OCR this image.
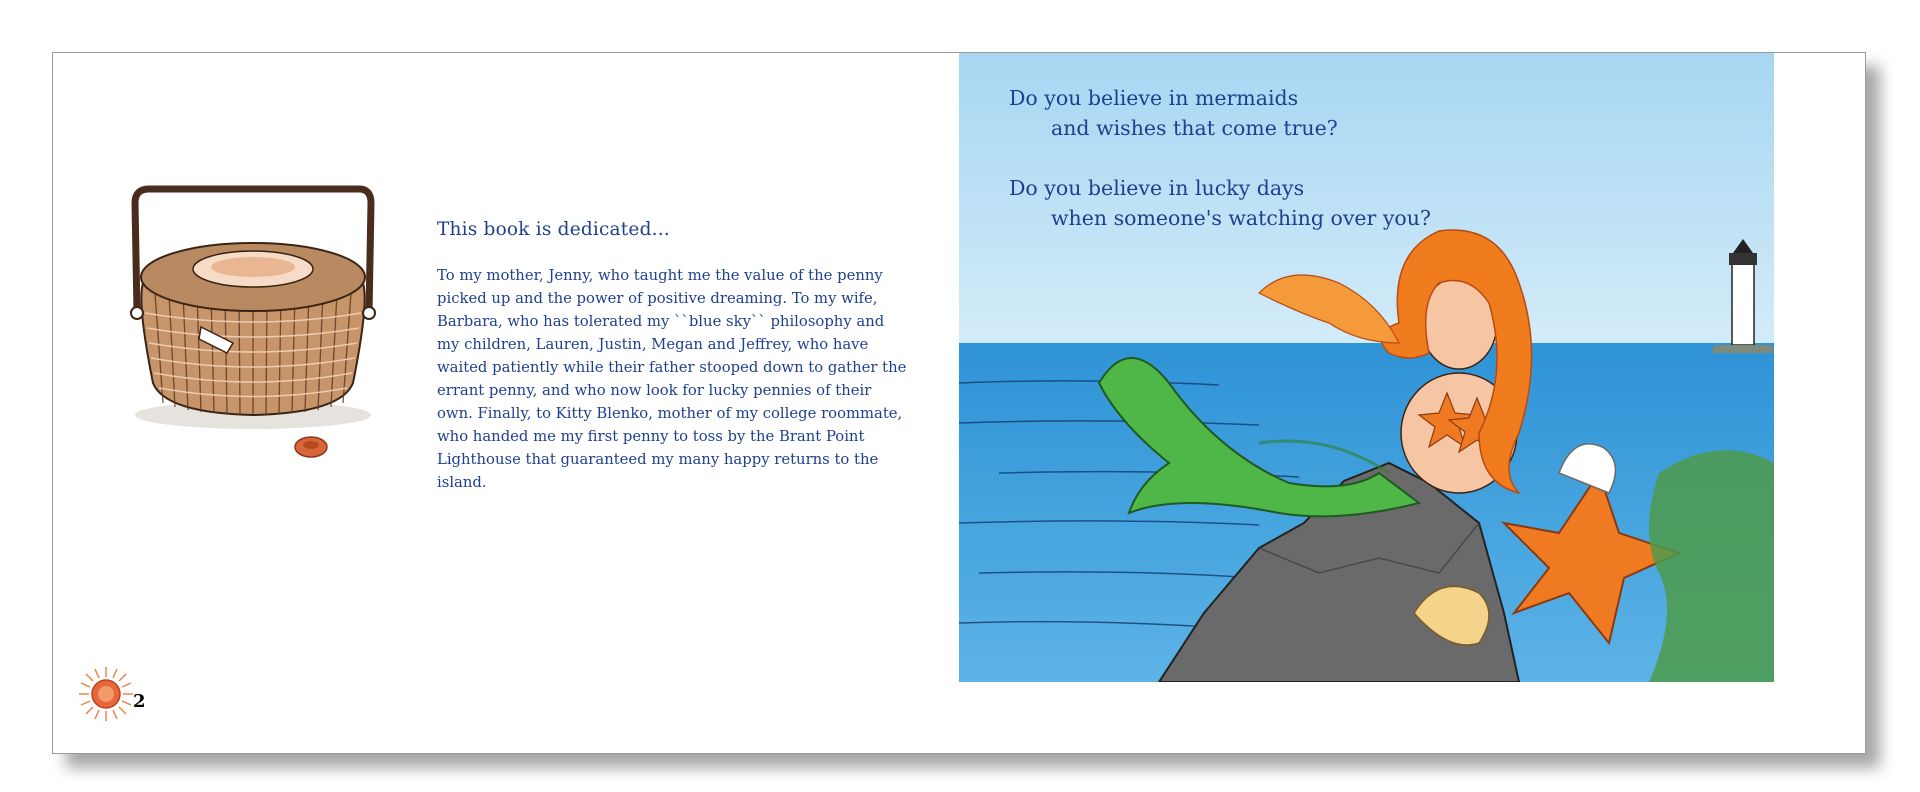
This book is dedicated...

To my mother, Jenny, who taught me the value of the penny picked up and the power of positive dreaming. To my wife, Barbara, who has tolerated my ``blue sky`` philosophy and my children, Lauren, Justin, Megan and Jeffrey, who have waited patiently while their father stooped down to gather the errant penny, and who now look for lucky pennies of their own. Finally, to Kitty Blenko, mother of my college roommate, who handed me my first penny to toss by the Brant Point Lighthouse that guaranteed my many happy returns to the island.

2
Do you believe in mermaids
and wishes that come true?
Do you believe in lucky days
when someone's watching over you?
